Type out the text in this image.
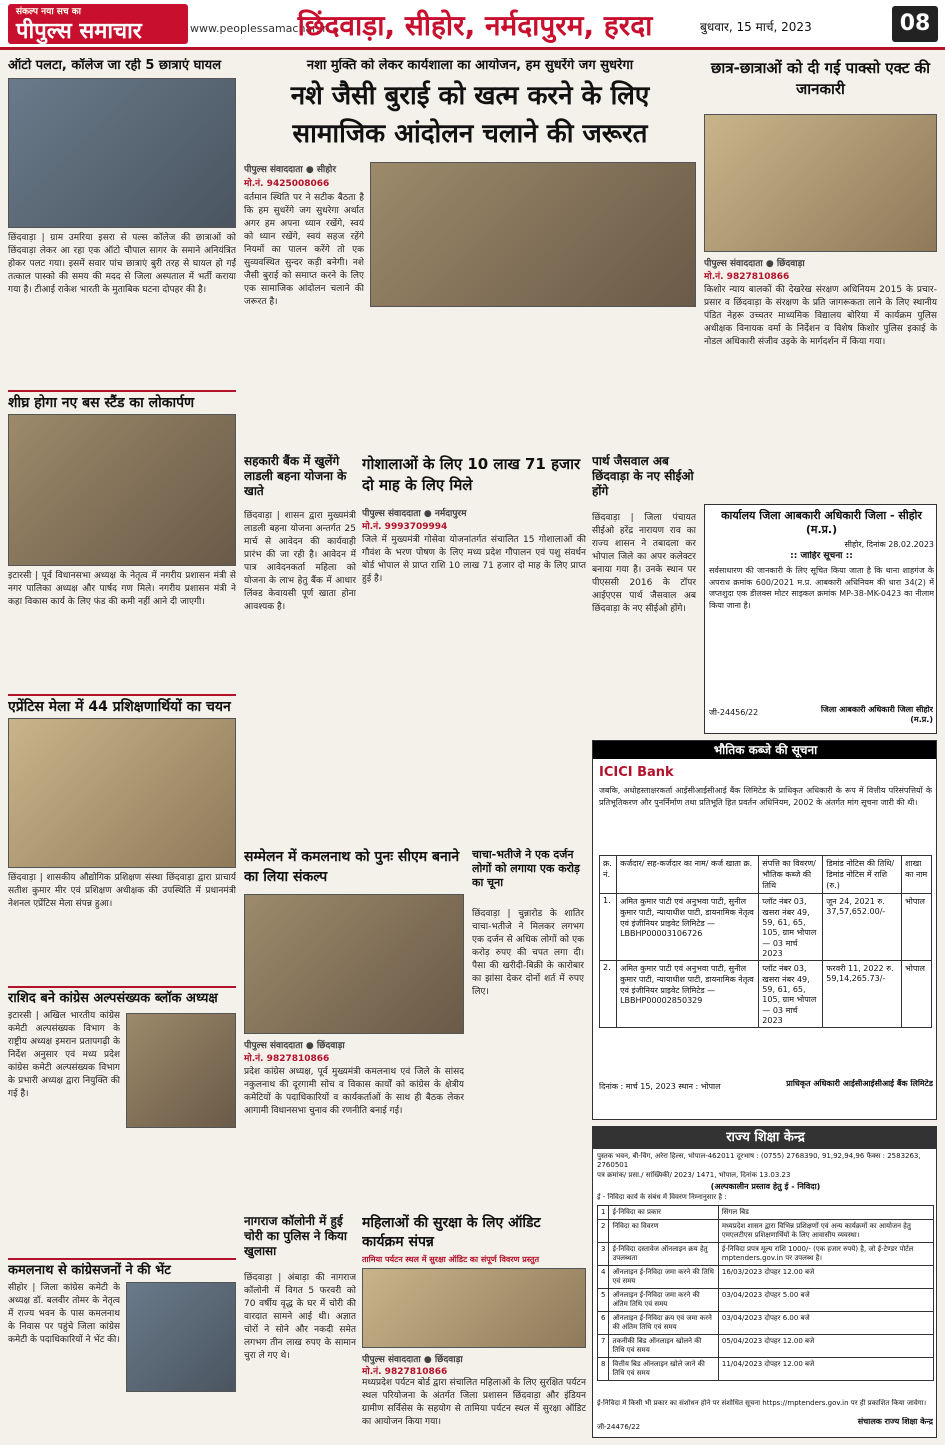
संकल्प नया सच का
पीपुल्स समाचार	www.peoplessamachar.in
छिंदवाड़ा, सीहोर, नर्मदापुरम, हरदा	बुधवार, 15 मार्च, 2023	08
ऑटो पलटा, कॉलेज जा रही 5 छात्राएं घायल
छिंदवाड़ा | ग्राम उमरिया इसरा से पल्स कॉलेज की छात्राओं को छिंदवाड़ा लेकर आ रहा एक ऑटो चौपाल सागर के समाने अनियंत्रित होकर पलट गया। इसमें सवार पांच छात्राएं बुरी तरह से घायल हो गईं तत्काल पास्को की समय की मदद से जिला अस्पताल में भर्ती कराया गया है। टीआई राकेश भारती के मुताबिक घटना दोपहर की है।
शीघ्र होगा नए बस स्टैंड का लोकार्पण
इटारसी | पूर्व विधानसभा अध्यक्ष के नेतृत्व में नगरीय प्रशासन मंत्री से नगर पालिका अध्यक्ष और पार्षद गण मिले। नगरीय प्रशासन मंत्री ने कहा विकास कार्य के लिए फंड की कमी नहीं आने दी जाएगी।
एप्रेंटिस मेला में 44 प्रशिक्षणार्थियों का चयन
छिंदवाड़ा | शासकीय औद्योगिक प्रशिक्षण संस्था छिंदवाड़ा द्वारा प्राचार्य सतीश कुमार मीर एवं प्रशिक्षण अधीक्षक की उपस्थिति में प्रधानमंत्री नेशनल एप्रेंटिस मेला संपन्न हुआ।
राशिद बने कांग्रेस अल्पसंख्यक ब्लॉक अध्यक्ष
इटारसी | अखिल भारतीय कांग्रेस कमेटी अल्पसंख्यक विभाग के राष्ट्रीय अध्यक्ष इमरान प्रतापगढ़ी के निर्देश अनुसार एवं मध्य प्रदेश कांग्रेस कमेटी अल्पसंख्यक विभाग के प्रभारी अध्यक्ष द्वारा नियुक्ति की गई है।
कमलनाथ से कांग्रेसजनों ने की भेंट
सीहोर | जिला कांग्रेस कमेटी के अध्यक्ष डॉ. बलवीर तोमर के नेतृत्व में राज्य भवन के पास कमलनाथ के निवास पर पहुंचे जिला कांग्रेस कमेटी के पदाधिकारियों ने भेंट की।
नशा मुक्ति को लेकर कार्यशाला का आयोजन, हम सुधरेंगे जग सुधरेगा
नशे जैसी बुराई को खत्म करने के लिए सामाजिक आंदोलन चलाने की जरूरत
पीपुल्स संवाददाता ● सीहोर
मो.नं. 9425008066
वर्तमान स्थिति पर ने सटीक बैठता है कि हम सुधरेंगे जग सुधरेगा अर्थात अगर हम अपना ध्यान रखेंगे, स्वयं को ध्यान रखेंगे, स्वयं सहज रहेंगे नियमों का पालन करेंगे तो एक सुव्यवस्थित सुन्दर कड़ी बनेगी। नशे जैसी बुराई को समाप्त करने के लिए एक सामाजिक आंदोलन चलाने की जरूरत है।
छात्र-छात्राओं को दी गई पाक्सो एक्ट की जानकारी
पीपुल्स संवाददाता ● छिंदवाड़ा
मो.नं. 9827810866
किशोर न्याय बालकों की देखरेख संरक्षण अधिनियम 2015 के प्रचार-प्रसार व छिंदवाड़ा के संरक्षण के प्रति जागरूकता लाने के लिए स्थानीय पंडित नेहरू उच्चतर माध्यमिक विद्यालय बोरिया में कार्यक्रम पुलिस अधीक्षक विनायक वर्मा के निर्देशन व विशेष किशोर पुलिस इकाई के नोडल अधिकारी संजीव उइके के मार्गदर्शन में किया गया।
सहकारी बैंक में खुलेंगे लाडली बहना योजना के खाते
छिंदवाड़ा | शासन द्वारा मुख्यमंत्री लाडली बहना योजना अन्तर्गत 25 मार्च से आवेदन की कार्यवाही प्रारंभ की जा रही है। आवेदन में पात्र आवेदनकर्ता महिला को योजना के लाभ हेतु बैंक में आधार लिंक्ड केवायसी पूर्ण खाता होना आवश्यक है।
गोशालाओं के लिए 10 लाख 71 हजार दो माह के लिए मिले
पीपुल्स संवाददाता ● नर्मदापुरम
मो.नं. 9993709994
जिले में मुख्यमंत्री गोसेवा योजनांतर्गत संचालित 15 गोशालाओं की गौवंश के भरण पोषण के लिए मध्य प्रदेश गौपालन एवं पशु संवर्धन बोर्ड भोपाल से प्राप्त राशि 10 लाख 71 हजार दो माह के लिए प्राप्त हुई है।
पार्थ जैसवाल अब छिंदवाड़ा के नए सीईओ होंगे
छिंदवाड़ा | जिला पंचायत सीईओ हरेंद्र नारायण राव का राज्य शासन ने तबादला कर भोपाल जिले का अपर कलेक्टर बनाया गया है। उनके स्थान पर पीएससी 2016 के टॉपर आईएएस पार्थ जैसवाल अब छिंदवाड़ा के नए सीईओ होंगे।
कार्यालय जिला आबकारी अधिकारी जिला - सीहोर (म.प्र.)
सीहोर, दिनांक 28.02.2023
:: जाहिर सूचना ::
सर्वसाधारण की जानकारी के लिए सूचित किया जाता है कि थाना शाहगंज के अपराध क्रमांक 600/2021 म.प्र. आबकारी अधिनियम की धारा 34(2) में जप्तशुदा एक डीलक्स मोटर साइकल क्रमांक MP-38-MK-0423 का नीलाम किया जाना है।
जी-24456/22	जिला आबकारी अधिकारी जिला सीहोर (म.प्र.)
सम्मेलन में कमलनाथ को पुनः सीएम बनाने का लिया संकल्प
पीपुल्स संवाददाता ● छिंदवाड़ा
मो.नं. 9827810866
प्रदेश कांग्रेस अध्यक्ष, पूर्व मुख्यमंत्री कमलनाथ एवं जिले के सांसद नकुलनाथ की दूरगामी सोच व विकास कार्यों को कांग्रेस के क्षेत्रीय कमेटियों के पदाधिकारियों व कार्यकर्ताओं के साथ ही बैठक लेकर आगामी विधानसभा चुनाव की रणनीति बनाई गई।
चाचा-भतीजे ने एक दर्जन लोगों को लगाया एक करोड़ का चूना
छिंदवाड़ा | चुन्नारोड के शातिर चाचा-भतीजे ने मिलकर लगभग एक दर्जन से अधिक लोगों को एक करोड़ रुपए की चपत लगा दी। पैसा की खरीदी-बिक्री के कारोबार का झांसा देकर दोनों शर्त में रुपए लिए।
भौतिक कब्जे की सूचना
ICICI Bank
जबकि, अधोहस्ताक्षरकर्ता आईसीआईसीआई बैंक लिमिटेड के प्राधिकृत अधिकारी के रूप में वित्तीय परिसंपत्तियों के प्रतिभूतिकरण और पुनर्निर्माण तथा प्रतिभूति हित प्रवर्तन अधिनियम, 2002 के अंतर्गत मांग सूचना जारी की थी।
क्र. नं.	कर्जदार/ सह-कर्जदार का नाम/ कर्ज खाता क्र.	संपत्ति का विवरण/ भौतिक कब्जे की तिथि	डिमांड नोटिस की तिथि/ डिमांड नोटिस में राशि (रु.)	शाखा का नाम
1.	अमित कुमार पाटी एवं अनुभवा पाटी, सुनील कुमार पाटी, न्यायाधीश पाटी, डायनामिक नेतृत्व एवं इंजीनियर प्राइवेट लिमिटेड — LBBHP00003106726	प्लॉट नंबर 03, खसरा नंबर 49, 59, 61, 65, 105, ग्राम भोपाल — 03 मार्च 2023	जून 24, 2021 रु. 37,57,652.00/-	भोपाल
2.	अमित कुमार पाटी एवं अनुभवा पाटी, सुनील कुमार पाटी, न्यायाधीश पाटी, डायनामिक नेतृत्व एवं इंजीनियर प्राइवेट लिमिटेड — LBBHP00002850329	प्लॉट नंबर 03, खसरा नंबर 49, 59, 61, 65, 105, ग्राम भोपाल — 03 मार्च 2023	फरवरी 11, 2022 रु. 59,14,265.73/-	भोपाल
दिनांक : मार्च 15, 2023 स्थान : भोपाल	प्राधिकृत अधिकारी आईसीआईसीआई बैंक लिमिटेड
नागराज कॉलोनी में हुई चोरी का पुलिस ने किया खुलासा
छिंदवाड़ा | अंबाड़ा की नागराज कॉलोनी में विगत 5 फरवरी को 70 वर्षीय वृद्ध के घर में चोरी की वारदात सामने आई थी। अज्ञात चोरों ने सोने और नकदी समेत लगभग तीन लाख रुपए के सामान चुरा ले गए थे।
महिलाओं की सुरक्षा के लिए ऑडिट कार्यक्रम संपन्न
तामिया पर्यटन स्थल में सुरक्षा ऑडिट का संपूर्ण विवरण प्रस्तुत
पीपुल्स संवाददाता ● छिंदवाड़ा
मो.नं. 9827810866
मध्यप्रदेश पर्यटन बोर्ड द्वारा संचालित महिलाओं के लिए सुरक्षित पर्यटन स्थल परियोजना के अंतर्गत जिला प्रशासन छिंदवाड़ा और इंडियन ग्रामीण सर्विसेस के सहयोग से तामिया पर्यटन स्थल में सुरक्षा ऑडिट का आयोजन किया गया।
राज्य शिक्षा केन्द्र
पुस्तक भवन, बी-विंग, अरेरा हिल्स, भोपाल-462011 दूरभाष : (0755) 2768390, 91,92,94,96 फैक्स : 2583263, 2760501
पत्र क्रमांक/ प्रसा./ सांख्यिकी/ 2023/ 1471, भोपाल, दिनांक 13.03.23
(अल्पकालीन प्रस्ताव हेतु ई - निविदा)
ई - निविदा कार्य के संबंध में विवरण निम्नानुसार है :
1	ई-निविदा का प्रकार	सिंगल बिड
2	निविदा का विवरण	मध्यप्रदेश शासन द्वारा विभिन्न प्रशिक्षणों एवं अन्य कार्यक्रमों का आयोजन हेतु एमएलटीएस प्रशिक्षणार्थियों के लिए आवासीय व्यवस्था।
3	ई-निविदा दस्तावेज ऑनलाइन क्रय हेतु उपलब्धता	ई-निविदा प्रपत्र मूल्य राशि 1000/- (एक हजार रुपये) है, जो ई-टेण्डर पोर्टल mptenders.gov.in पर उपलब्ध है।
4	ऑनलाइन ई-निविदा जमा करने की तिथि एवं समय	16/03/2023 दोपहर 12.00 बजे
5	ऑनलाइन ई-निविदा जमा करने की अंतिम तिथि एवं समय	03/04/2023 दोपहर 5.00 बजे
6	ऑनलाइन ई-निविदा क्रय एवं जमा करने की अंतिम तिथि एवं समय	03/04/2023 दोपहर 6.00 बजे
7	तकनीकी बिड ऑनलाइन खोलने की तिथि एवं समय	05/04/2023 दोपहर 12.00 बजे
8	वित्तीय बिड ऑनलाइन खोले जाने की तिथि एवं समय	11/04/2023 दोपहर 12.00 बजे
ई-निविदा में किसी भी प्रकार का संशोधन होने पर संशोधित सूचना https://mptenders.gov.in पर ही प्रकाशित किया जावेगा।
जी-24476/22
संचालक राज्य शिक्षा केन्द्र
